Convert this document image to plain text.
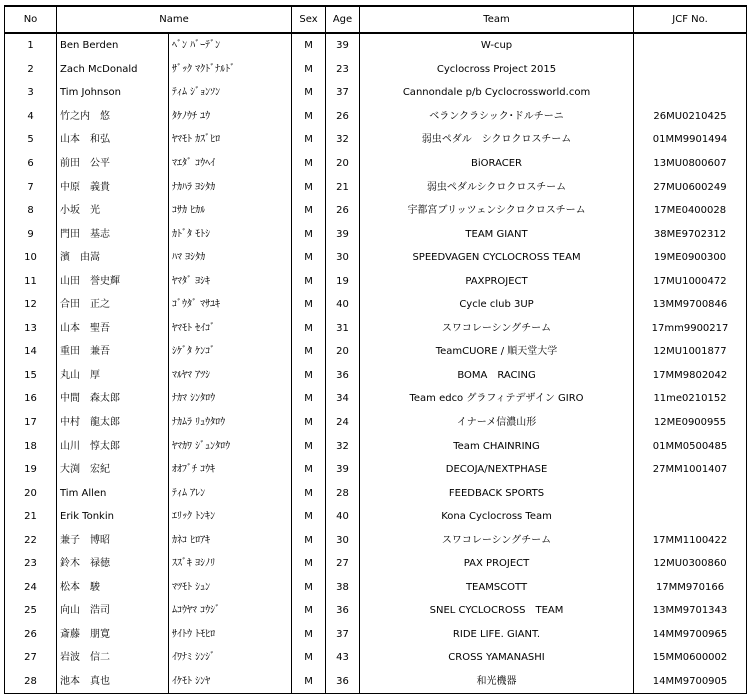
No	Name		Sex	Age	Team	JCF No.
1	Ben Berden	ﾍﾞﾝ ﾊﾞｰﾃﾞﾝ	M	39	W-cup	
2	Zach McDonald	ｻﾞｯｸ ﾏｸﾄﾞﾅﾙﾄﾞ	M	23	Cyclocross Project 2015	
3	Tim Johnson	ﾃｨﾑ ｼﾞｮﾝｿﾝ	M	37	Cannondale p/b Cyclocrossworld.com	
4	竹之内　悠	ﾀｹﾉｳﾁ ﾕｳ	M	26	ベランクラシック･ドルチーニ	26MU0210425
5	山本　和弘	ﾔﾏﾓﾄ ｶｽﾞﾋﾛ	M	32	弱虫ペダル　シクロクロスチーム	01MM9901494
6	前田　公平	ﾏｴﾀﾞ ｺｳﾍｲ	M	20	BiORACER	13MU0800607
7	中原　義貴	ﾅｶﾊﾗ ﾖｼﾀｶ	M	21	弱虫ペダルシクロクロスチーム	27MU0600249
8	小坂　光	ｺｻｶ ﾋｶﾙ	M	26	宇都宮ブリッツェンシクロクロスチーム	17ME0400028
9	門田　基志	ｶﾄﾞﾀ ﾓﾄｼ	M	39	TEAM GIANT	38ME9702312
10	濱　由嵩	ﾊﾏ ﾖｼﾀｶ	M	30	SPEEDVAGEN CYCLOCROSS TEAM	19ME0900300
11	山田　誉史輝	ﾔﾏﾀﾞ ﾖｼｷ	M	19	PAXPROJECT	17MU1000472
12	合田　正之	ｺﾞｳﾀﾞ ﾏｻﾕｷ	M	40	Cycle club 3UP	13MM9700846
13	山本　聖吾	ﾔﾏﾓﾄ ｾｲｺﾞ	M	31	スワコレーシングチーム	17mm9900217
14	重田　兼吾	ｼｹﾞﾀ ｹﾝｺﾞ	M	20	TeamCUORE / 順天堂大学	12MU1001877
15	丸山　厚	ﾏﾙﾔﾏ ｱﾂｼ	M	36	BOMA　RACING	17MM9802042
16	中間　森太郎	ﾅｶﾏ ｼﾝﾀﾛｳ	M	34	Team edco グラフィテデザイン GIRO	11me0210152
17	中村　龍太郎	ﾅｶﾑﾗ ﾘｭｳﾀﾛｳ	M	24	イナーメ信濃山形	12ME0900955
18	山川　惇太郎	ﾔﾏｶﾜ ｼﾞｭﾝﾀﾛｳ	M	32	Team CHAINRING	01MM0500485
19	大渕　宏紀	ｵｵﾌﾞﾁ ｺｳｷ	M	39	DECOJA/NEXTPHASE	27MM1001407
20	Tim Allen	ﾃｨﾑ ｱﾚﾝ	M	28	FEEDBACK SPORTS	
21	Erik Tonkin	ｴﾘｯｸ ﾄﾝｷﾝ	M	40	Kona Cyclocross Team	
22	兼子　博昭	ｶﾈｺ ﾋﾛｱｷ	M	30	スワコレーシングチーム	17MM1100422
23	鈴木　禄徳	ｽｽﾞｷ ﾖｼﾉﾘ	M	27	PAX PROJECT	12MU0300860
24	松本　駿	ﾏﾂﾓﾄ ｼｭﾝ	M	38	TEAMSCOTT	17MM970166
25	向山　浩司	ﾑｺｳﾔﾏ ｺｳｼﾞ	M	36	SNEL CYCLOCROSS　TEAM	13MM9701343
26	斎藤　朋寛	ｻｲﾄｳ ﾄﾓﾋﾛ	M	37	RIDE LIFE. GIANT.	14MM9700965
27	岩波　信二	ｲﾜﾅﾐ ｼﾝｼﾞ	M	43	CROSS YAMANASHI	15MM0600002
28	池本　真也	ｲｹﾓﾄ ｼﾝﾔ	M	36	和光機器	14MM9700905
